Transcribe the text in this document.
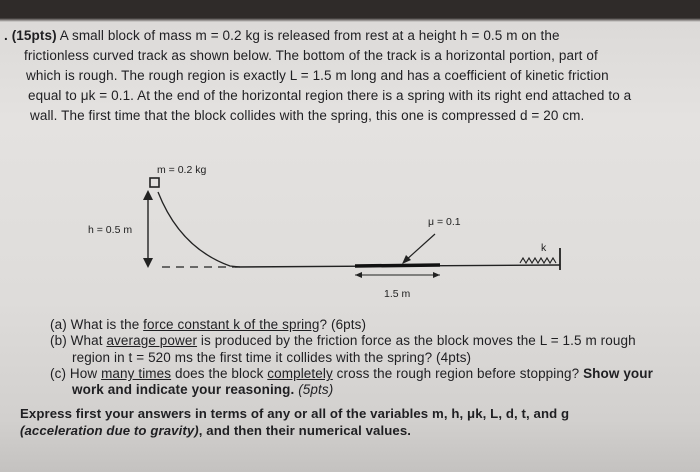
. (15pts) A small block of mass m = 0.2 kg is released from rest at a height h = 0.5 m on the
frictionless curved track as shown below. The bottom of the track is a horizontal portion, part of
which is rough. The rough region is exactly L = 1.5 m long and has a coefficient of kinetic friction
equal to μk = 0.1. At the end of the horizontal region there is a spring with its right end attached to a
wall. The first time that the block collides with the spring, this one is compressed d = 20 cm.
m = 0.2 kg
h = 0.5 m
μ = 0.1
k
1.5 m
(a) What is the force constant k of the spring? (6pts)
(b) What average power is produced by the friction force as the block moves the L = 1.5 m rough
region in t = 520 ms the first time it collides with the spring? (4pts)
(c) How many times does the block completely cross the rough region before stopping? Show your
work and indicate your reasoning. (5pts)
Express first your answers in terms of any or all of the variables m, h, μk, L, d, t, and g
(acceleration due to gravity), and then their numerical values.
